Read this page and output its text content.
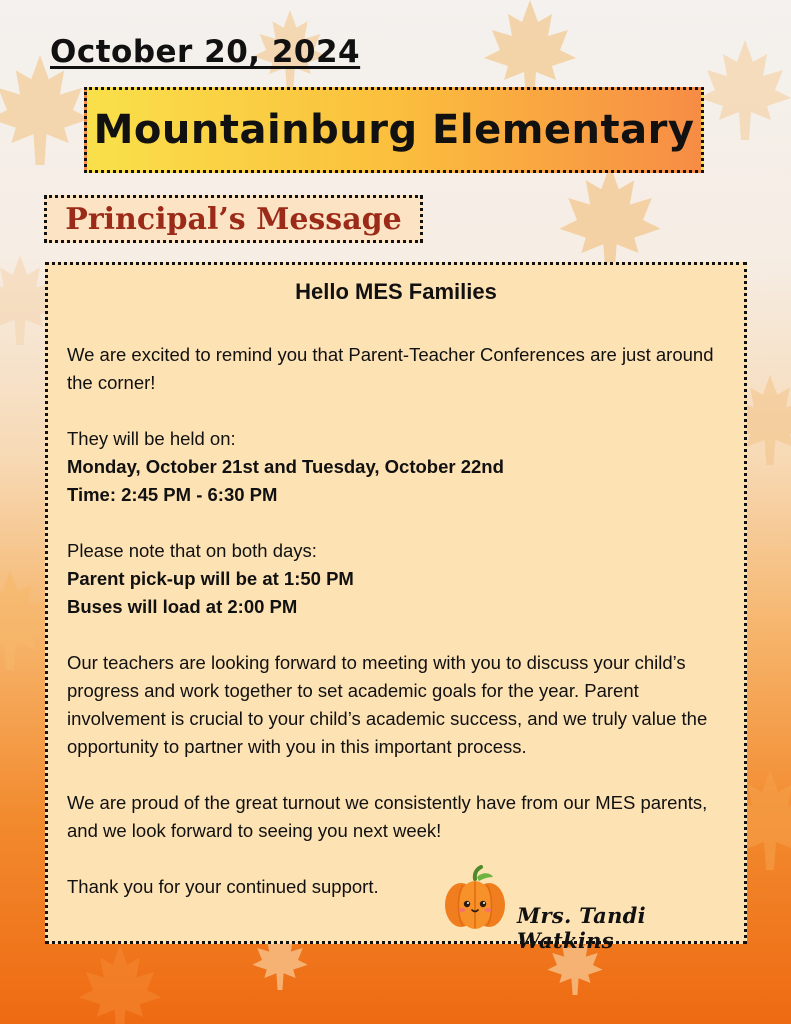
October 20, 2024
Mountainburg Elementary
Principal’s Message
Hello MES Families

We are excited to remind you that Parent-Teacher Conferences are just around the corner!

They will be held on:
Monday, October 21st and Tuesday, October 22nd
Time: 2:45 PM - 6:30 PM

Please note that on both days:
Parent pick-up will be at 1:50 PM
Buses will load at 2:00 PM

Our teachers are looking forward to meeting with you to discuss your child’s progress and work together to set academic goals for the year. Parent involvement is crucial to your child’s academic success, and we truly value the opportunity to partner with you in this important process.

We are proud of the great turnout we consistently have from our MES parents, and we look forward to seeing you next week!

Thank you for your continued support.

Mrs. Tandi Watkins
